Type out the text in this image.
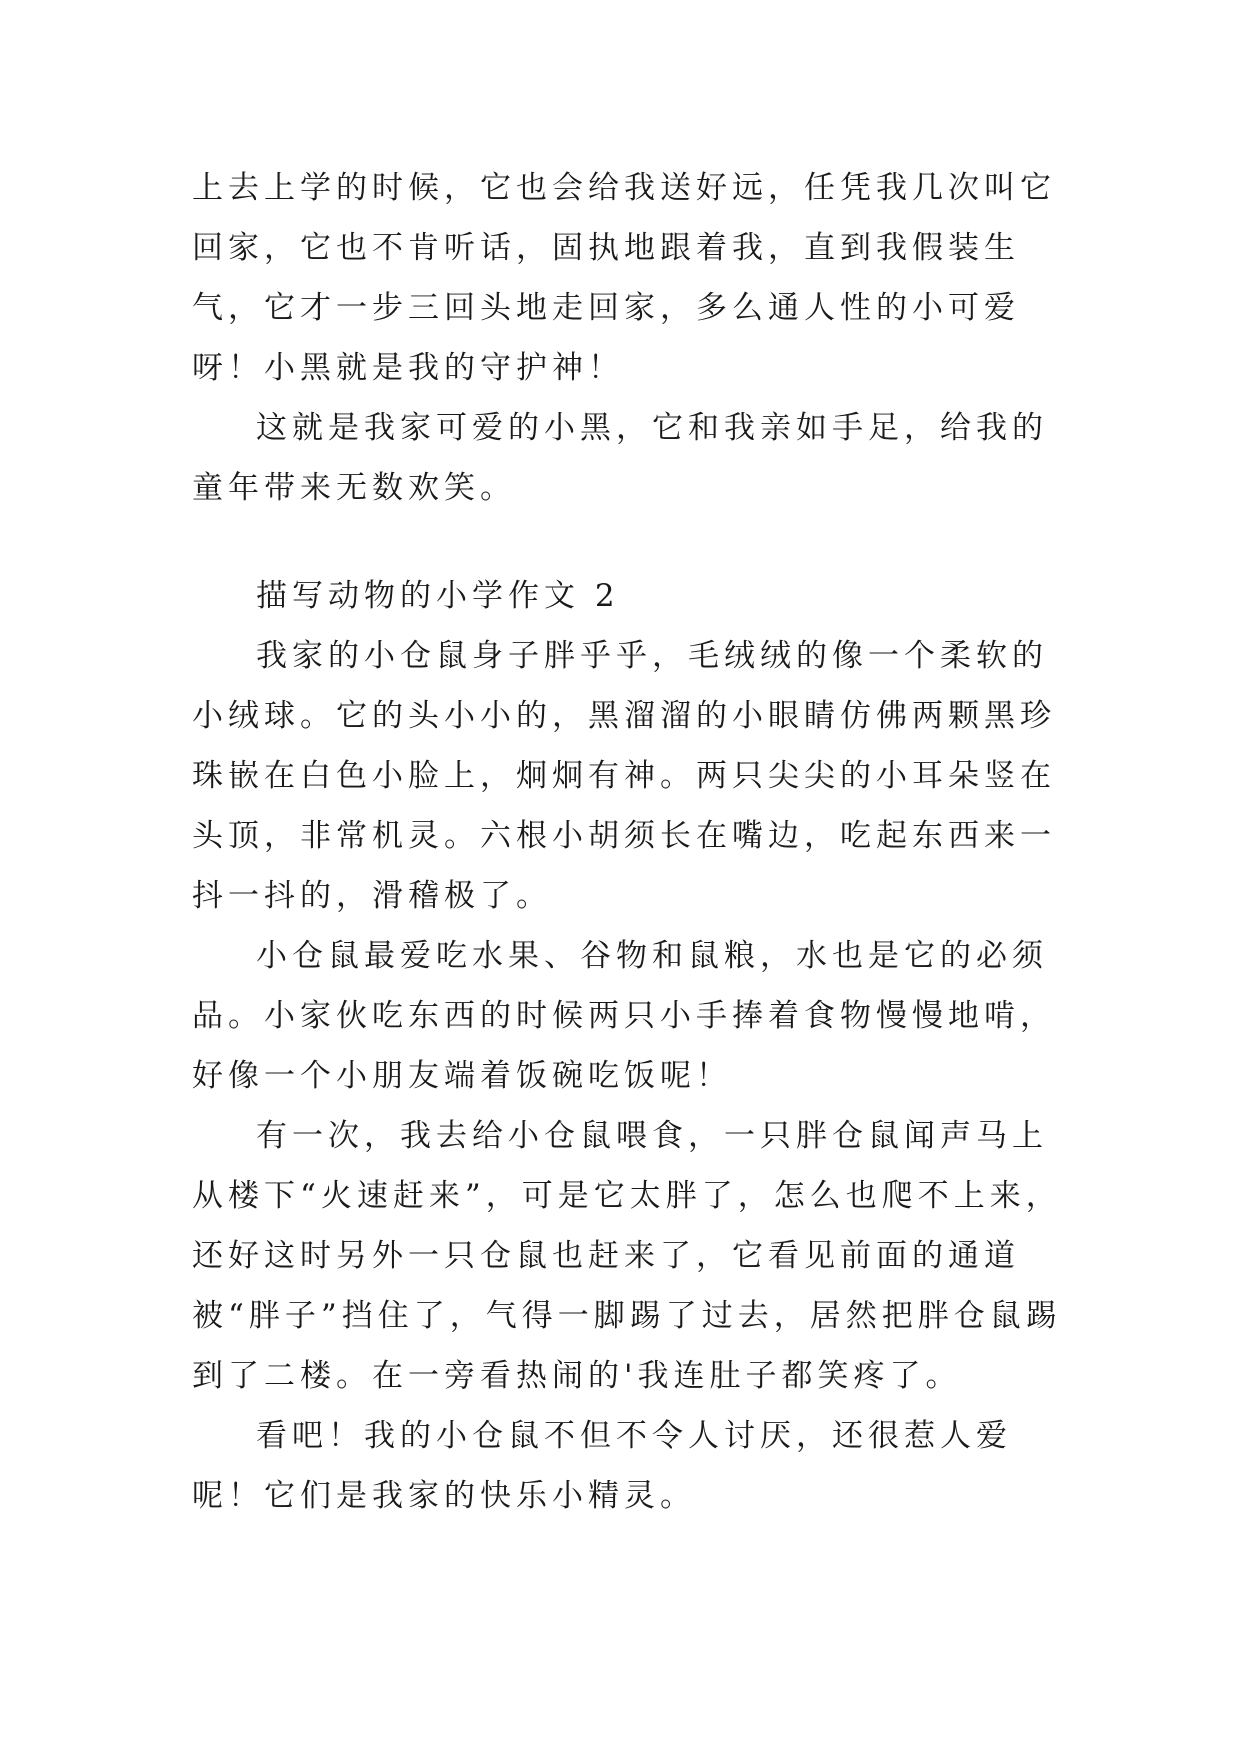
上去上学的时候，它也会给我送好远，任凭我几次叫它回家，它也不肯听话，固执地跟着我，直到我假装生气，它才一步三回头地走回家，多么通人性的小可爱呀！小黑就是我的守护神！

这就是我家可爱的小黑，它和我亲如手足，给我的童年带来无数欢笑。

描写动物的小学作文 2

我家的小仓鼠身子胖乎乎，毛绒绒的像一个柔软的小绒球。它的头小小的，黑溜溜的小眼睛仿佛两颗黑珍珠嵌在白色小脸上，炯炯有神。两只尖尖的小耳朵竖在头顶，非常机灵。六根小胡须长在嘴边，吃起东西来一抖一抖的，滑稽极了。

小仓鼠最爱吃水果、谷物和鼠粮，水也是它的必须品。小家伙吃东西的时候两只小手捧着食物慢慢地啃，好像一个小朋友端着饭碗吃饭呢！

有一次，我去给小仓鼠喂食，一只胖仓鼠闻声马上从楼下“火速赶来”，可是它太胖了，怎么也爬不上来，还好这时另外一只仓鼠也赶来了，它看见前面的通道被“胖子”挡住了，气得一脚踢了过去，居然把胖仓鼠踢到了二楼。在一旁看热闹的'我连肚子都笑疼了。

看吧！我的小仓鼠不但不令人讨厌，还很惹人爱呢！它们是我家的快乐小精灵。
